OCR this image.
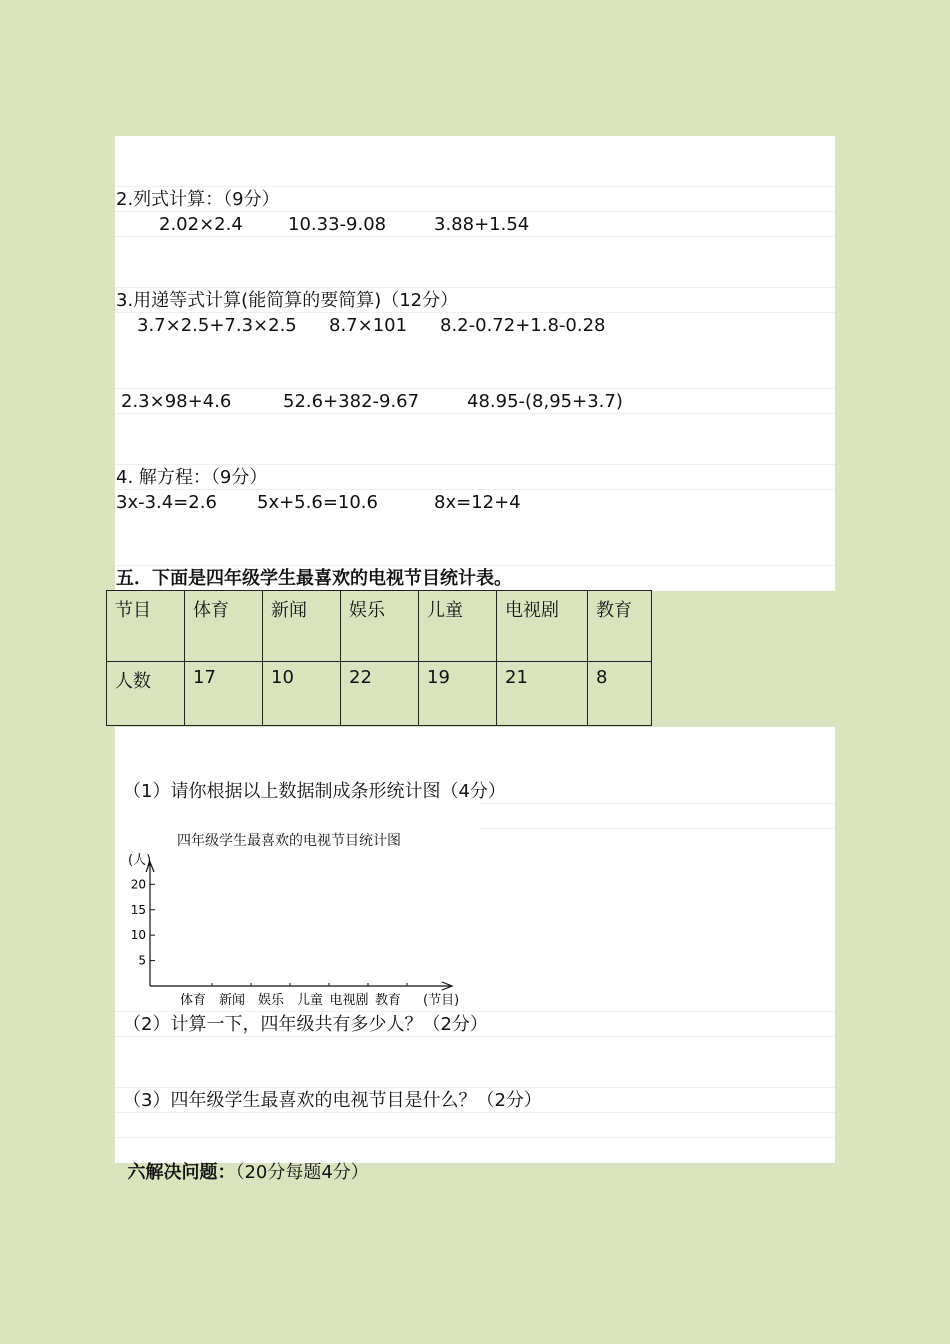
2.列式计算：（9分）
2.02×2.4	10.33-9.08	3.88+1.54
3.用递等式计算(能简算的要简算)（12分）
3.7×2.5+7.3×2.5 8.7×101 8.2-0.72+1.8-0.28
2.3×98+4.6	52.6+382-9.67	48.95-(8,95+3.7)
4. 解方程：（9分）
3x-3.4=2.6 5x+5.6=10.6	8x=12+4
五．下面是四年级学生最喜欢的电视节目统计表。
节目	体育	新闻	娱乐	儿童	电视剧	教育
人数	17	10	22	19	21	8
（1）请你根据以上数据制成条形统计图（4分）
四年级学生最喜欢的电视节目统计图
(人)
5
10
15
20
体育 新闻 娱乐 儿童 电视剧 教育 (节目)
（2）计算一下，四年级共有多少人？（2分）
（3）四年级学生最喜欢的电视节目是什么？（2分）

六解决问题：（20分每题4分）
